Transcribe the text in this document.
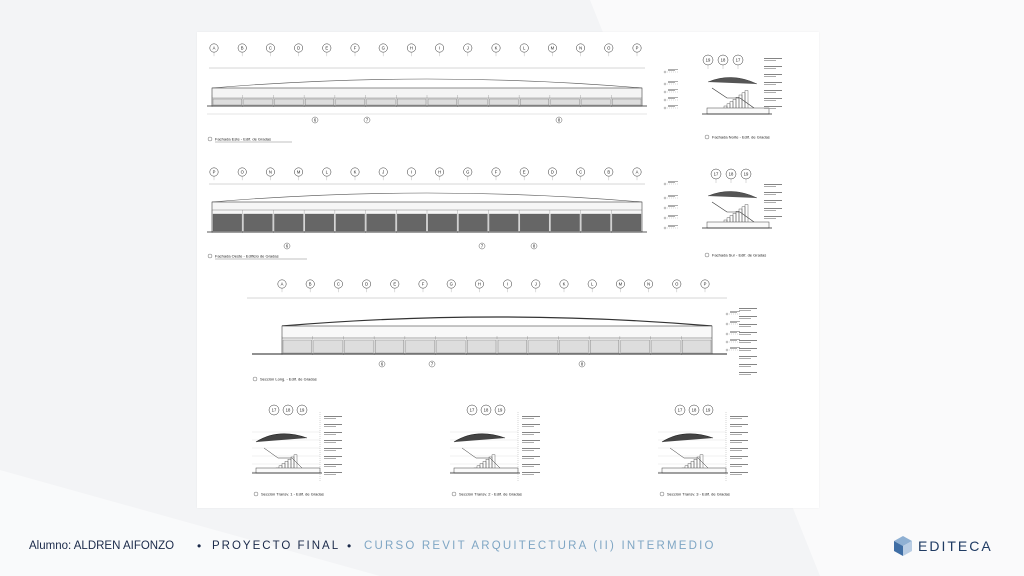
A	B	C	D	E	F	G	H	I	J	K	L	M	N	O	P
6	7	8
Fachada Este - Edif. de Gradas
19 18 17
Fachada Norte - Edif. de Gradas
P	O	N	M	L	K	J	I	H	G	F	E	D	C	B	A
6	7	8
Fachada Oeste - Edificio de Gradas
17 18 19
Fachada Sur - Edif. de Gradas
A	B	C	D	E	F	G	H	I	J	K	L	M	N	O	P
6	7	8
Sección Long. - Edif. de Gradas
17 18 19
Sección Transv. 1 - Edif. de Gradas
17 18 19
Sección Transv. 2 - Edif. de Gradas
17 18 19
Sección Transv. 3 - Edif. de Gradas
Alumno: ALDREN AIFONZO • PROYECTO FINAL • CURSO REVIT ARQUITECTURA (II) INTERMEDIO	EDITECA
